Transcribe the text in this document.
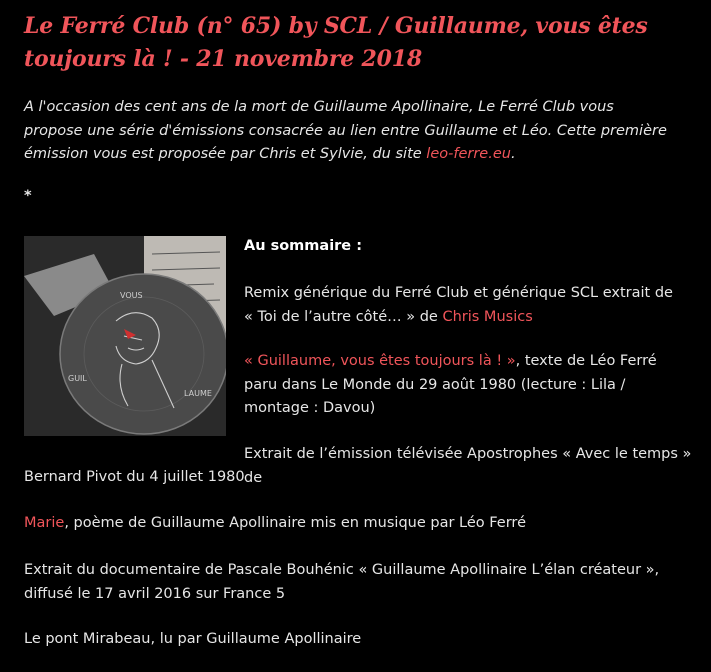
Le Ferré Club (n° 65) by SCL / Guillaume, vous êtes toujours là ! - 21 novembre 2018

A l'occasion des cent ans de la mort de Guillaume Apollinaire, Le Ferré Club vous propose une série d'émissions consacrée au lien entre Guillaume et Léo. Cette première émission vous est proposée par Chris et Sylvie, du site leo-ferre.eu.

*

VOUS
GUIL
LAUME

Au sommaire :

Remix générique du Ferré Club et générique SCL extrait de « Toi de l’autre côté… » de Chris Musics

« Guillaume, vous êtes toujours là ! », texte de Léo Ferré paru dans Le Monde du 29 août 1980 (lecture : Lila / montage : Davou)

Extrait de l’émission télévisée Apostrophes « Avec le temps » de

Bernard Pivot du 4 juillet 1980

Marie, poème de Guillaume Apollinaire mis en musique par Léo Ferré

Extrait du documentaire de Pascale Bouhénic « Guillaume Apollinaire L’élan créateur », diffusé le 17 avril 2016 sur France 5

Le pont Mirabeau, lu par Guillaume Apollinaire
